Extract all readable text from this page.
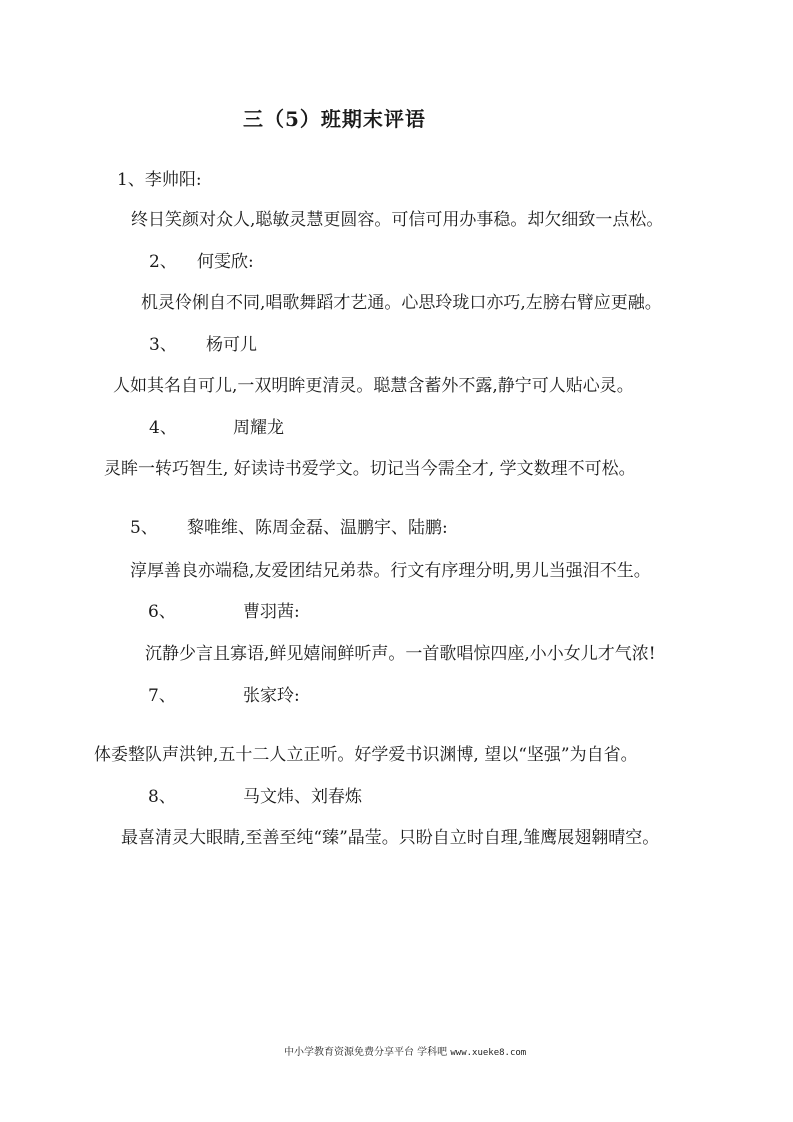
三（5）班期末评语
1、李帅阳:
终日笑颜对众人,聪敏灵慧更圆容。可信可用办事稳。却欠细致一点松。
2、 何雯欣:
机灵伶俐自不同,唱歌舞蹈才艺通。心思玲珑口亦巧,左膀右臂应更融。
3、 杨可儿
人如其名自可儿,一双明眸更清灵。聪慧含蓄外不露,静宁可人贴心灵。
4、	周耀龙
灵眸一转巧智生, 好读诗书爱学文。切记当今需全才, 学文数理不可松。
5、 黎唯维、陈周金磊、温鹏宇、陆鹏:
淳厚善良亦端稳,友爱团结兄弟恭。行文有序理分明,男儿当强泪不生。
6、	曹羽茜:
沉静少言且寡语,鲜见嬉闹鲜听声。一首歌唱惊四座,小小女儿才气浓!
7、	张家玲:
体委整队声洪钟,五十二人立正听。好学爱书识渊博, 望以“坚强”为自省。
8、	马文炜、刘春炼
最喜清灵大眼睛,至善至纯“臻”晶莹。只盼自立时自理,雏鹰展翅翱晴空。
中小学教育资源免费分享平台 学科吧 www.xueke8.com
